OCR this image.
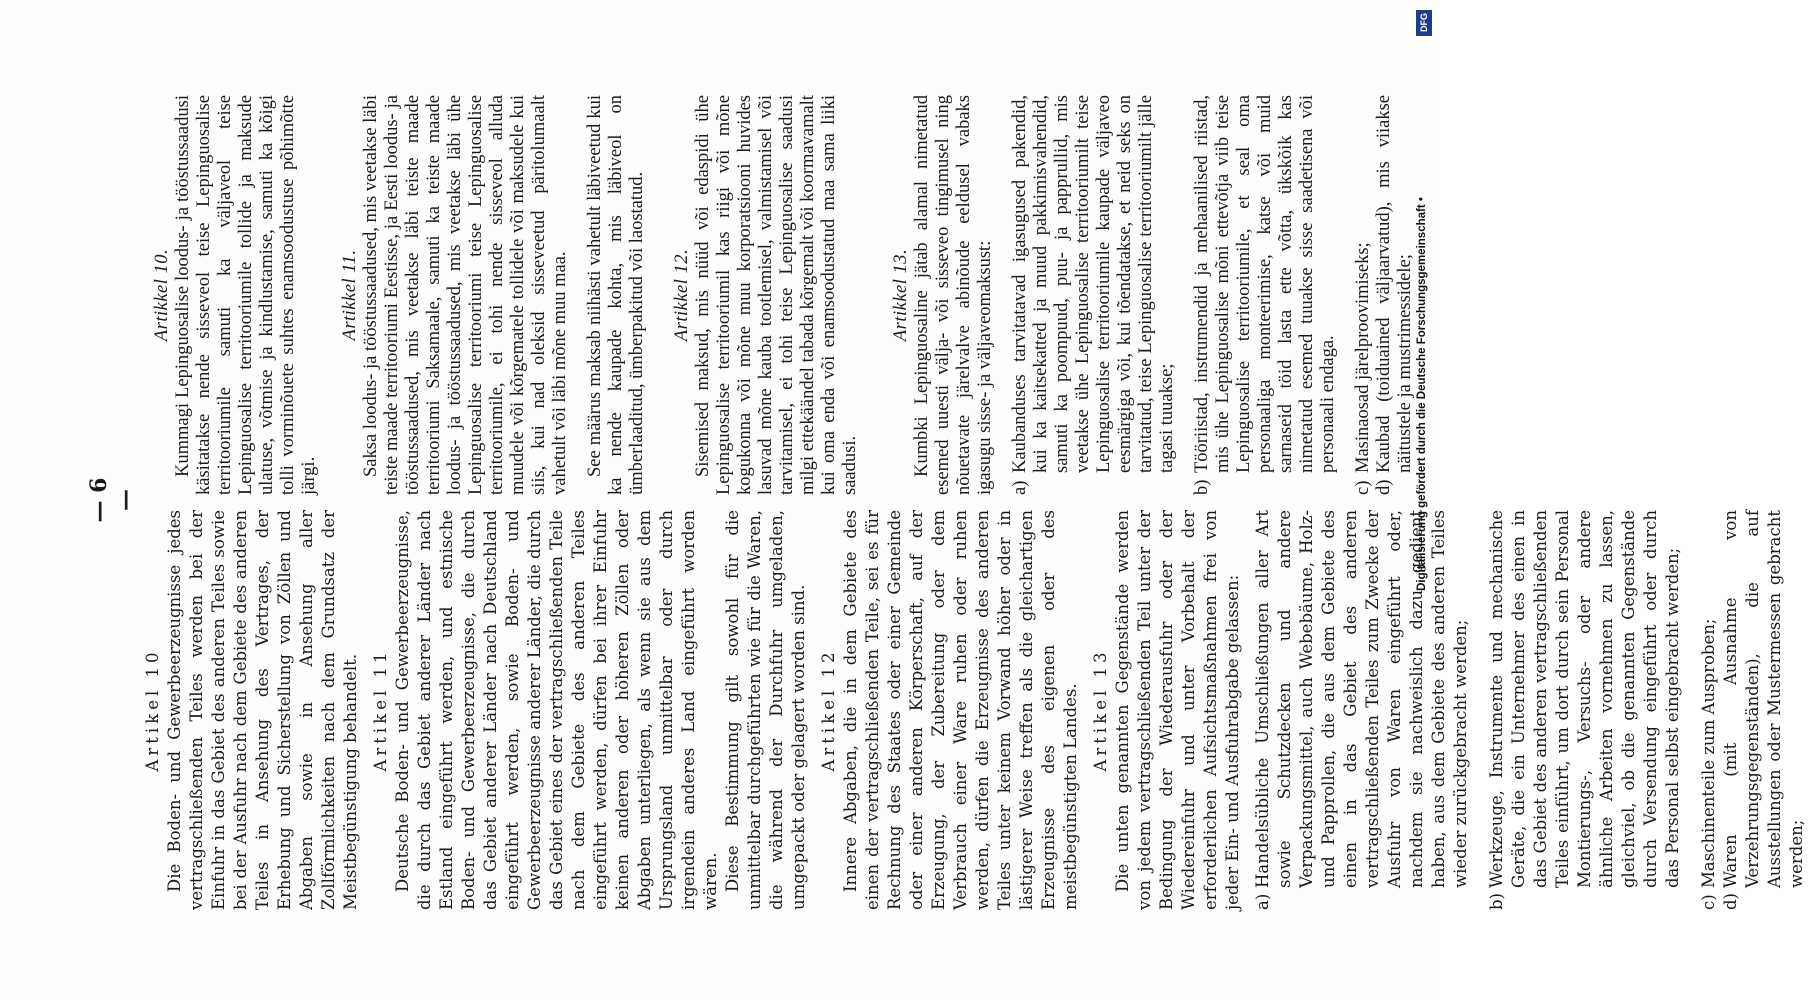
— 6 —
Artikel 10 Die Boden- und Gewerbeerzeugnisse jedes vertragschließenden Teiles werden bei der Einfuhr in das Gebiet des anderen Teiles sowie bei der Ausfuhr nach dem Gebiete des anderen Teiles in Ansehung des Vertrages, der Erhebung und Sicherstellung von Zöllen und Abgaben sowie in Ansehung aller Zollförmlichkeiten nach dem Grundsatz der Meistbegünstigung behandelt. Artikel 11 Deutsche Boden- und Gewerbeerzeugnisse, die durch das Gebiet anderer Länder nach Estland eingeführt werden, und estnische Boden- und Gewerbeerzeugnisse, die durch das Gebiet anderer Länder nach Deutschland eingeführt werden, sowie Boden- und Gewerbeerzeugnisse anderer Länder, die durch das Gebiet eines der vertragschließenden Teile nach dem Gebiete des anderen Teiles eingeführt werden, dürfen bei ihrer Einfuhr keinen anderen oder höheren Zöllen oder Abgaben unterliegen, als wenn sie aus dem Ursprungsland unmittelbar oder durch irgendein anderes Land eingeführt worden wären. Diese Bestimmung gilt sowohl für die unmittelbar durchgeführten wie für die Waren, die während der Durchfuhr umgeladen, umgepackt oder gelagert worden sind. Artikel 12 Innere Abgaben, die in dem Gebiete des einen der vertragschließenden Teile, sei es für Rechnung des Staates oder einer Gemeinde oder einer anderen Körperschaft, auf der Erzeugung, der Zubereitung oder dem Verbrauch einer Ware ruhen oder ruhen werden, dürfen die Erzeugnisse des anderen Teiles unter keinem Vorwand höher oder in lästigerer Weise treffen als die gleichartigen Erzeugnisse des eigenen oder des meistbegünstigten Landes. Artikel 13 Die unten genannten Gegenstände werden von jedem vertragschließenden Teil unter der Bedingung der Wiederausfuhr oder der Wiedereinfuhr und unter Vorbehalt der erforderlichen Aufsichtsmaßnahmen frei von jeder Ein- und Ausfuhrabgabe gelassen: a)
Handelsübliche Umschließungen aller Art sowie Schutzdecken und andere Verpackungsmittel, auch Webebäume, Holz- und Papprollen, die aus dem Gebiete des einen in das Gebiet des anderen vertragschließenden Teiles zum Zwecke der Ausfuhr von Waren eingeführt oder, nachdem sie nachweislich dazu gedient haben, aus dem Gebiete des anderen Teiles wieder zurückgebracht werden;
b)
Werkzeuge, Instrumente und mechanische Geräte, die ein Unternehmer des einen in das Gebiet des anderen vertragschließenden Teiles einführt, um dort durch sein Personal Montierungs-, Versuchs- oder andere ähnliche Arbeiten vornehmen zu lassen, gleichviel, ob die genannten Gegenstände durch Versendung eingeführt oder durch das Personal selbst eingebracht werden;
c)
Maschinenteile zum Ausproben;
d)
Waren (mit Ausnahme von Verzehrungsgegenständen), die auf Ausstellungen oder Mustermessen gebracht werden;
Artikkel 10. Kummagi Lepinguosalise loodus- ja tööstussaadusi käsitatakse nende sisseveol teise Lepinguosalise territooriumile samuti ka väljaveol teise Lepinguosalise territooriumile tollide ja maksude ulatuse, võtmise ja kindlustamise, samuti ka kõigi tolli vorminõuete suhtes enamsoodustuse põhimõtte järgi.

Artikkel 11. Saksa loodus- ja tööstussaadused, mis veetakse läbi teiste maade territooriumi Eestisse, ja Eesti loodus- ja tööstussaadused, mis veetakse läbi teiste maade territooriumi Saksamaale, samuti ka teiste maade loodus- ja tööstussaadused, mis veetakse läbi ühe Lepinguosalise territooriumi teise Lepinguosalise territooriumile, ei tohi nende sisseveol alluda muudele või kõrgematele tollidele või maksudele kui siis, kui nad oleksid sisseveetud päritolumaalt vahetult või läbi mõne muu maa. See määrus maksab niihästi vahetult läbiveetud kui ka nende kaupade kohta, mis läbiveol on ümberlaaditud, ümberpakitud või laostatud. Artikkel 12. Sisemised maksud, mis nüüd või edaspidi ühe Lepinguosalise territooriumil kas riigi või mõne kogukonna või mõne muu korporatsiooni huvides lasuvad mõne kauba tootlemisel, valmistamisel või tarvitamisel, ei tohi teise Lepinguosalise saadusi milgi ettekäändel tabada kõrgemalt või koormavamalt kui oma enda või enamsoodustatud maa sama liiki saadusi.

Artikkel 13. Kumbki Lepinguosaline jätab alamal nimetatud esemed uuesti välja- või sisseveo tingimusel ning nõuetavate järelvalve abinõude eeldusel vabaks igasugu sisse- ja väljaveomaksust: a)
Kaubanduses tarvitatavad igasugused pakendid, kui ka kaitsekatted ja muud pakkimisvahendid, samuti ka poompuud, puu- ja papprullid, mis veetakse ühe Lepinguosalise territooriumilt teise Lepinguosalise territooriumile kaupade väljaveo eesmärgiga või, kui tõendatakse, et neid seks on tarvitatud, teise Lepinguosalise territooriumilt jälle tagasi tuuakse;
b)
Tööriistad, instrumendid ja mehaanilised riistad, mis ühe Lepinguosalise mõni ettevõtja viib teise Lepinguosalise territooriumile, et seal oma personaaliga monteerimise, katse või muid sarnaseid töid lasta ette võtta, ükskõik kas nimetatud esemed tuuakse sisse saadetisena või personaali endaga.
c)
Masinaosad järelproovimiseks;
d)
Kaubad (toiduained väljaarvatud), mis viiakse näitustele ja mustrimessidele;
DFG
Digitalisierung gefördert durch die Deutsche Forschungsgemeinschaft •
